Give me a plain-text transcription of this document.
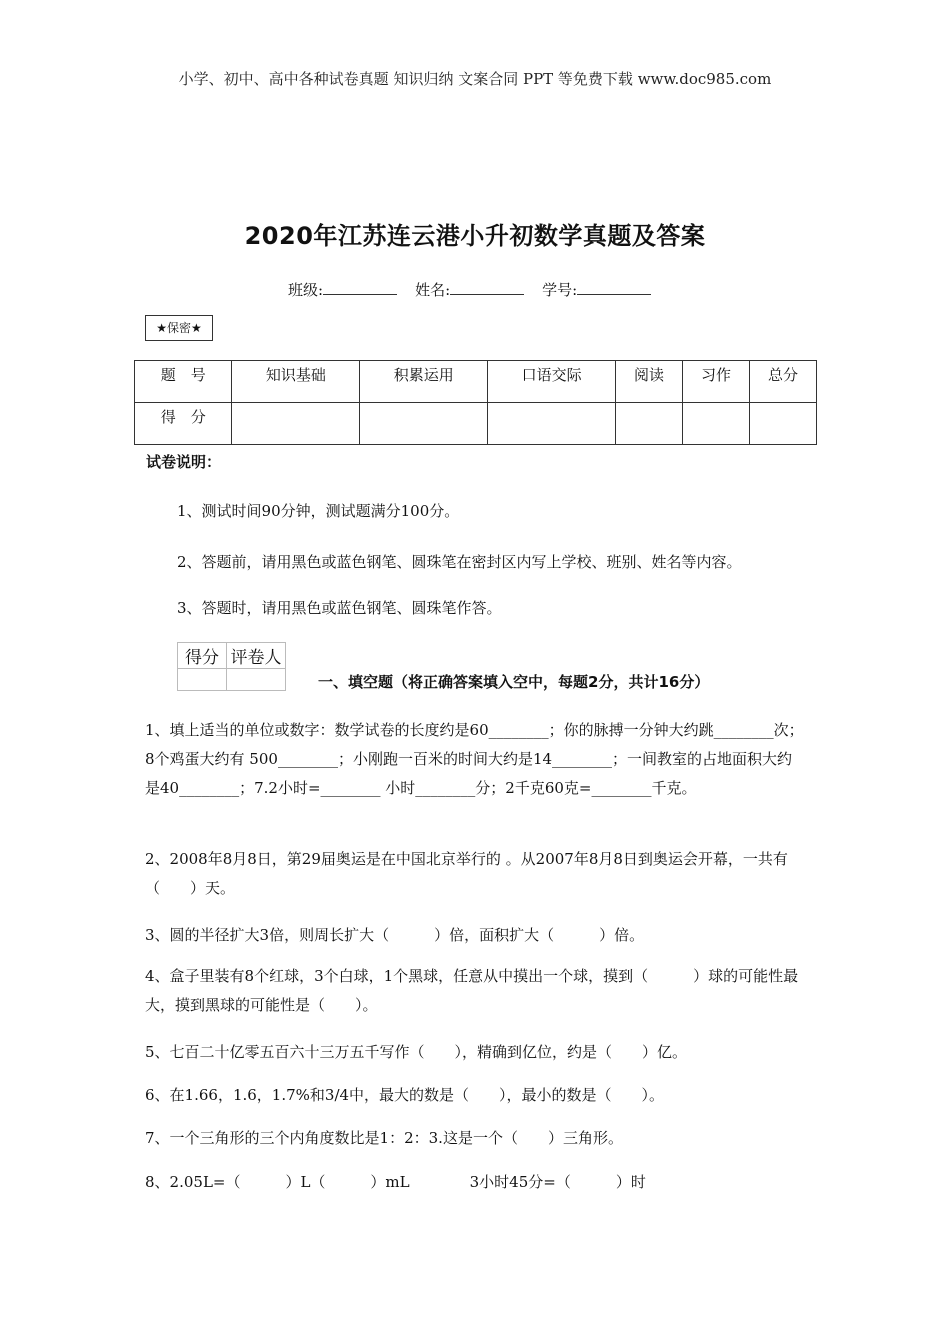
小学、初中、高中各种试卷真题 知识归纳 文案合同 PPT 等免费下载 www.doc985.com
2020年江苏连云港小升初数学真题及答案
班级:	姓名:	学号:
★保密★
题　号	知识基础	积累运用	口语交际	阅读	习作	总分
得　分						
试卷说明：
1、测试时间90分钟，测试题满分100分。
2、答题前，请用黑色或蓝色钢笔、圆珠笔在密封区内写上学校、班别、姓名等内容。
3、答题时，请用黑色或蓝色钢笔、圆珠笔作答。
得分	评卷人

一、填空题（将正确答案填入空中，每题2分，共计16分）
1、填上适当的单位或数字：数学试卷的长度约是60________；你的脉搏一分钟大约跳________次；8个鸡蛋大约有 500________；小刚跑一百米的时间大约是14________；一间教室的占地面积大约是40________；7.2小时=________ 小时________分；2千克60克=________千克。
2、2008年8月8日，第29届奥运是在中国北京举行的 。从2007年8月8日到奥运会开幕，一共有（　　）天。
3、圆的半径扩大3倍，则周长扩大（　　　）倍，面积扩大（　　　）倍。
4、盒子里装有8个红球，3个白球，1个黑球，任意从中摸出一个球，摸到（　　　）球的可能性最大，摸到黑球的可能性是（　　）。
5、七百二十亿零五百六十三万五千写作（　　），精确到亿位，约是（　　）亿。
6、在1.66，1.6，1.7%和3/4中，最大的数是（　　），最小的数是（　　）。
7、一个三角形的三个内角度数比是1：2：3.这是一个（　　）三角形。
8、2.05L=（　　　）L（　　　）mL　　　　3小时45分=（　　　）时
